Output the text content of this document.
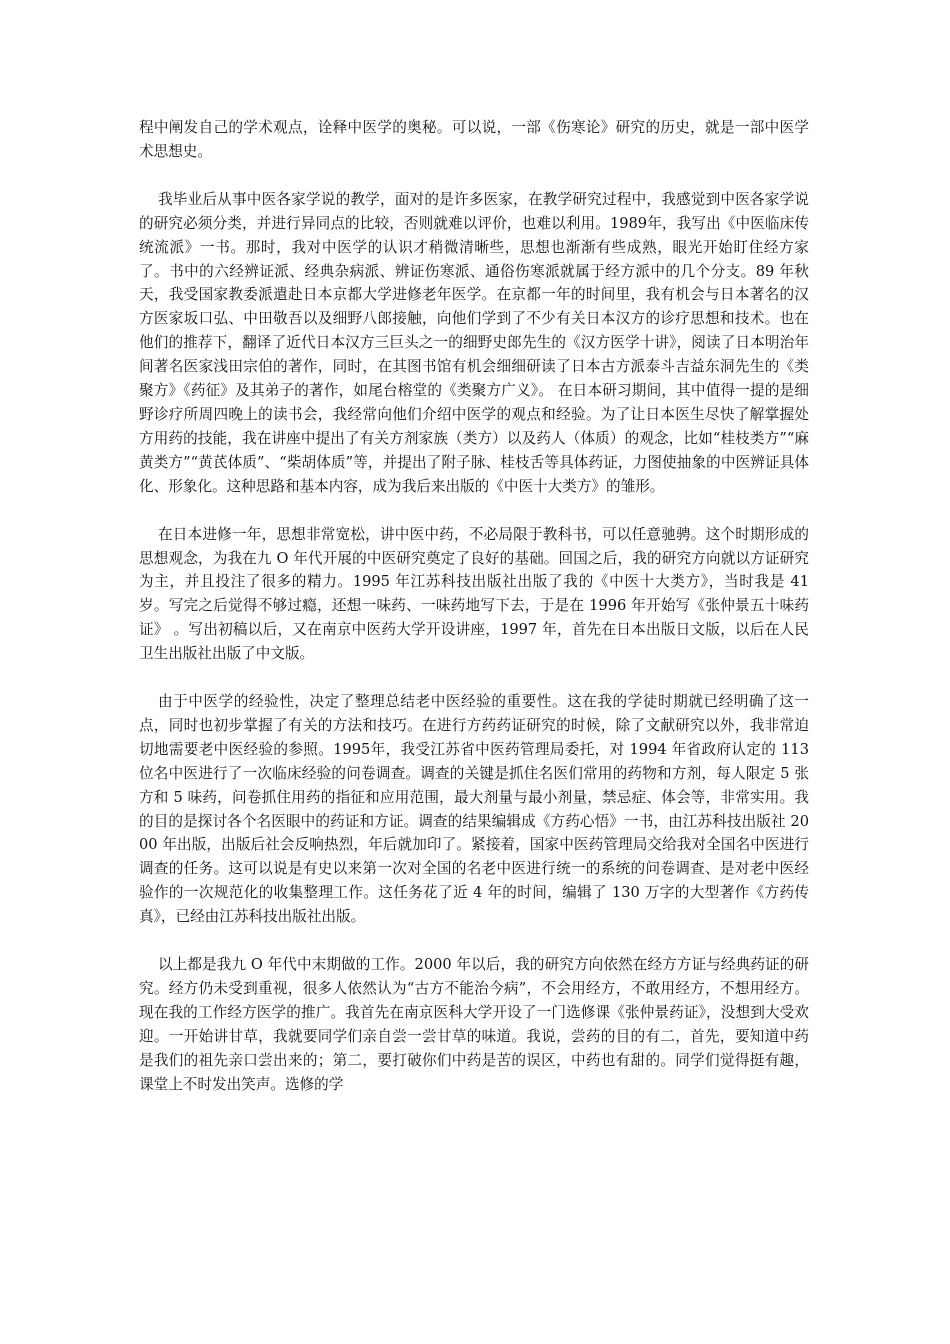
程中阐发自己的学术观点，诠释中医学的奥秘。可以说，一部《伤寒论》研究的历史，就是一部中医学术思想史。

我毕业后从事中医各家学说的教学，面对的是许多医家，在教学研究过程中，我感觉到中医各家学说的研究必须分类，并进行异同点的比较，否则就难以评价，也难以利用。1989年，我写出《中医临床传统流派》一书。那时，我对中医学的认识才稍微清晰些，思想也渐渐有些成熟，眼光开始盯住经方家了。书中的六经辨证派、经典杂病派、辨证伤寒派、通俗伤寒派就属于经方派中的几个分支。89 年秋天，我受国家教委派遣赴日本京都大学进修老年医学。在京都一年的时间里，我有机会与日本著名的汉方医家坂口弘、中田敬吾以及细野八郎接触，向他们学到了不少有关日本汉方的诊疗思想和技术。也在他们的推荐下，翻译了近代日本汉方三巨头之一的细野史郎先生的《汉方医学十讲》，阅读了日本明治年间著名医家浅田宗伯的著作，同时，在其图书馆有机会细细研读了日本古方派泰斗吉益东洞先生的《类聚方》《药征》及其弟子的著作，如尾台榕堂的《类聚方广义》。 在日本研习期间，其中值得一提的是细野诊疗所周四晚上的读书会，我经常向他们介绍中医学的观点和经验。为了让日本医生尽快了解掌握处方用药的技能，我在讲座中提出了有关方剂家族（类方）以及药人（体质）的观念，比如“桂枝类方”“麻黄类方”“黄芪体质”、“柴胡体质”等，并提出了附子脉、桂枝舌等具体药证，力图使抽象的中医辨证具体化、形象化。这种思路和基本内容，成为我后来出版的《中医十大类方》的雏形。

在日本进修一年，思想非常宽松，讲中医中药，不必局限于教科书，可以任意驰骋。这个时期形成的思想观念，为我在九 O 年代开展的中医研究奠定了良好的基础。回国之后，我的研究方向就以方证研究为主，并且投注了很多的精力。1995 年江苏科技出版社出版了我的《中医十大类方》，当时我是 41 岁。写完之后觉得不够过瘾，还想一味药、一味药地写下去，于是在 1996 年开始写《张仲景五十味药证》 。写出初稿以后，又在南京中医药大学开设讲座，1997 年，首先在日本出版日文版，以后在人民卫生出版社出版了中文版。

由于中医学的经验性，决定了整理总结老中医经验的重要性。这在我的学徒时期就已经明确了这一点，同时也初步掌握了有关的方法和技巧。在进行方药药证研究的时候，除了文献研究以外，我非常迫切地需要老中医经验的参照。1995年，我受江苏省中医药管理局委托，对 1994 年省政府认定的 113 位名中医进行了一次临床经验的问卷调查。调查的关键是抓住名医们常用的药物和方剂，每人限定 5 张方和 5 味药，问卷抓住用药的指征和应用范围，最大剂量与最小剂量，禁忌症、体会等，非常实用。我的目的是探讨各个名医眼中的药证和方证。调查的结果编辑成《方药心悟》一书，由江苏科技出版社 2000 年出版，出版后社会反响热烈，年后就加印了。紧接着，国家中医药管理局交给我对全国名中医进行调查的任务。这可以说是有史以来第一次对全国的名老中医进行统一的系统的问卷调查、是对老中医经验作的一次规范化的收集整理工作。这任务花了近 4 年的时间，编辑了 130 万字的大型著作《方药传真》，已经由江苏科技出版社出版。

以上都是我九 O 年代中末期做的工作。2000 年以后，我的研究方向依然在经方方证与经典药证的研究。经方仍未受到重视，很多人依然认为“古方不能治今病”，不会用经方，不敢用经方，不想用经方。现在我的工作经方医学的推广。我首先在南京医科大学开设了一门选修课《张仲景药证》，没想到大受欢迎。一开始讲甘草，我就要同学们亲自尝一尝甘草的味道。我说，尝药的目的有二，首先，要知道中药是我们的祖先亲口尝出来的；第二，要打破你们中药是苦的误区，中药也有甜的。同学们觉得挺有趣，课堂上不时发出笑声。选修的学
